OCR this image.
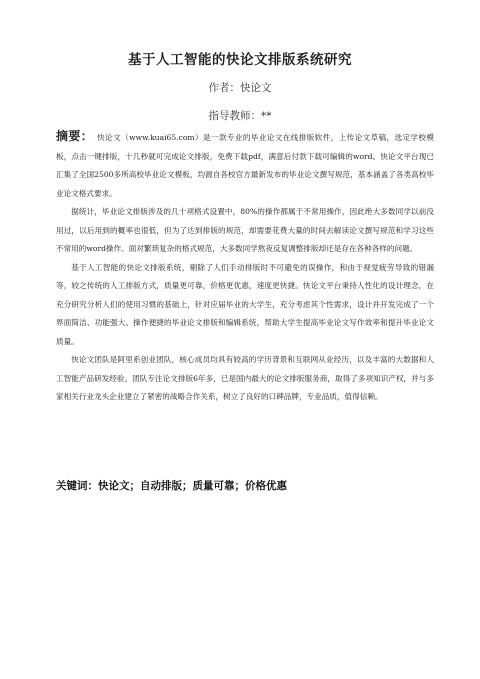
基于人工智能的快论文排版系统研究
作者：快论文
指导教师：**

摘要： 快论文（www.kuai65.com）是一款专业的毕业论文在线排版软件，上传论文草稿，选定学校模板，点击一键排版，十几秒就可完成论文排版，免费下载pdf，满意后付款下载可编辑的word。快论文平台现已汇集了全国2500多所高校毕业论文模板，均源自各校官方最新发布的毕业论文撰写规范，基本涵盖了各类高校毕业论文格式要求。

据统计，毕业论文排版涉及的几十项格式设置中，80%的操作都属于不常用操作，因此绝大多数同学以前没用过，以后用到的概率也很低，但为了达到排版的规范，却需要花费大量的时间去解读论文撰写规范和学习这些不常用的word操作。面对繁琐复杂的格式规范，大多数同学熬夜反复调整排版却还是存在各种各样的问题。

基于人工智能的快论文排版系统，剔除了人们手动排版时不可避免的误操作，和由于视觉疲劳导致的错漏等，较之传统的人工排版方式，质量更可靠，价格更优惠，速度更快捷。快论文平台秉持人性化的设计理念，在充分研究分析人们的使用习惯的基础上，针对应届毕业的大学生，充分考虑其个性需求，设计并开发完成了一个界面简洁、功能强大、操作便捷的毕业论文排版和编辑系统，帮助大学生提高毕业论文写作效率和提升毕业论文质量。

快论文团队是阿里系创业团队，核心成员均具有较高的学历背景和互联网从业经历，以及丰富的大数据和人工智能产品研发经验。团队专注论文排版6年多，已是国内最大的论文排版服务商，取得了多项知识产权，并与多家相关行业龙头企业建立了紧密的战略合作关系，树立了良好的口碑品牌，专业品质，值得信赖。

关键词：快论文；自动排版；质量可靠；价格优惠
